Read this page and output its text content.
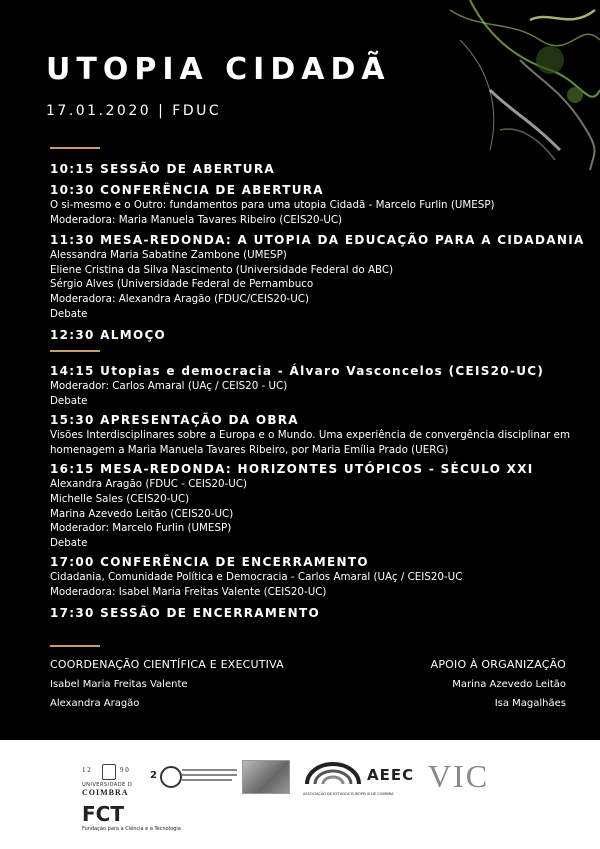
UTOPIA CIDADÃ
17.01.2020 | FDUC
10:15 SESSÃO DE ABERTURA
10:30 CONFERÊNCIA DE ABERTURA
O si-mesmo e o Outro: fundamentos para uma utopia Cidadã - Marcelo Furlin (UMESP)
Moderadora: Maria Manuela Tavares Ribeiro (CEIS20-UC)
11:30 MESA-REDONDA: A UTOPIA DA EDUCAÇÃO PARA A CIDADANIA
Alessandra Maria Sabatine Zambone (UMESP)
Eliene Cristina da Silva Nascimento (Universidade Federal do ABC)
Sérgio Alves (Universidade Federal de Pernambuco
Moderadora: Alexandra Aragão (FDUC/CEIS20-UC)
Debate
12:30 ALMOÇO
14:15 Utopias e democracia - Álvaro Vasconcelos (CEIS20-UC)
Moderador: Carlos Amaral (UAç / CEIS20 - UC)
Debate
15:30 APRESENTAÇÃO DA OBRA
Visões Interdisciplinares sobre a Europa e o Mundo. Uma experiência de convergência disciplinar em homenagem a Maria Manuela Tavares Ribeiro, por Maria Emília Prado (UERG)
16:15 MESA-REDONDA: HORIZONTES UTÓPICOS - SÉCULO XXI
Alexandra Aragão (FDUC - CEIS20-UC)
Michelle Sales (CEIS20-UC)
Marina Azevedo Leitão (CEIS20-UC)
Moderador: Marcelo Furlin (UMESP)
Debate
17:00 CONFERÊNCIA DE ENCERRAMENTO
Cidadania, Comunidade Política e Democracia - Carlos Amaral (UAç / CEIS20-UC
Moderadora: Isabel Maria Freitas Valente (CEIS20-UC)
17:30 SESSÃO DE ENCERRAMENTO
COORDENAÇÃO CIENTÍFICA E EXECUTIVA
Isabel Maria Freitas Valente
Alexandra Aragão
APOIO À ORGANIZAÇÃO
Marina Azevedo Leitão
Isa Magalhães
1 2	9 0
UNIVERSIDADE D
COIMBRA
2	AEEC
ASSOCIAÇÃO DE ESTUDOS EUROPEUS DE COIMBRA VIC
FCT
Fundação para a Ciência e a Tecnologia
